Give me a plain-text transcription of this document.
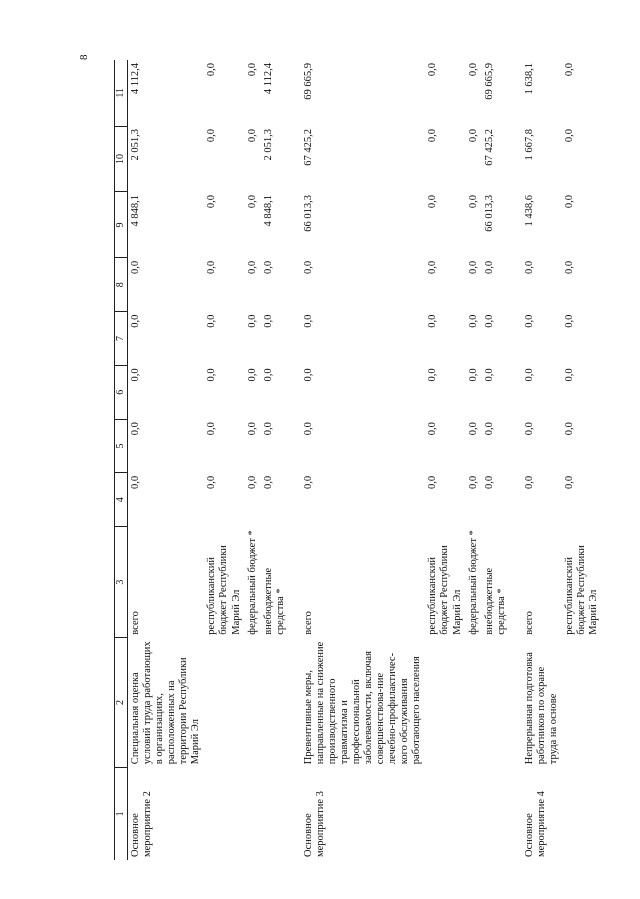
8
1	2	3	4	5	6	7	8	9	10	11
Основное мероприятие 2	Специальная оценка условий труда работающих в организациях, расположенных на территории Республики Марий Эл	всего	0,0	0,0	0,0	0,0	0,0	4 848,1	2 051,3	4 112,4
		республиканский бюджет Республики Марий Эл	0,0	0,0	0,0	0,0	0,0	0,0	0,0	0,0
		федеральный бюджет *	0,0	0,0	0,0	0,0	0,0	0,0	0,0	0,0
		внебюджетные средства *	0,0	0,0	0,0	0,0	0,0	4 848,1	2 051,3	4 112,4
Основное мероприятие 3	Превентивные меры, направленные на снижение производственного травматизма и профессиональной заболеваемости, включая совершенствова-ние лечебно-профилактичес-кого обслуживания работающего населения	всего	0,0	0,0	0,0	0,0	0,0	66 013,3	67 425,2	69 665,9
		республиканский бюджет Республики Марий Эл	0,0	0,0	0,0	0,0	0,0	0,0	0,0	0,0
		федеральный бюджет *	0,0	0,0	0,0	0,0	0,0	0,0	0,0	0,0
		внебюджетные средства *	0,0	0,0	0,0	0,0	0,0	66 013,3	67 425,2	69 665,9
Основное мероприятие 4	Непрерывная подготовка работников по охране труда на основе	всего	0,0	0,0	0,0	0,0	0,0	1 438,6	1 667,8	1 638,1
		республиканский бюджет Республики Марий Эл	0,0	0,0	0,0	0,0	0,0	0,0	0,0	0,0
